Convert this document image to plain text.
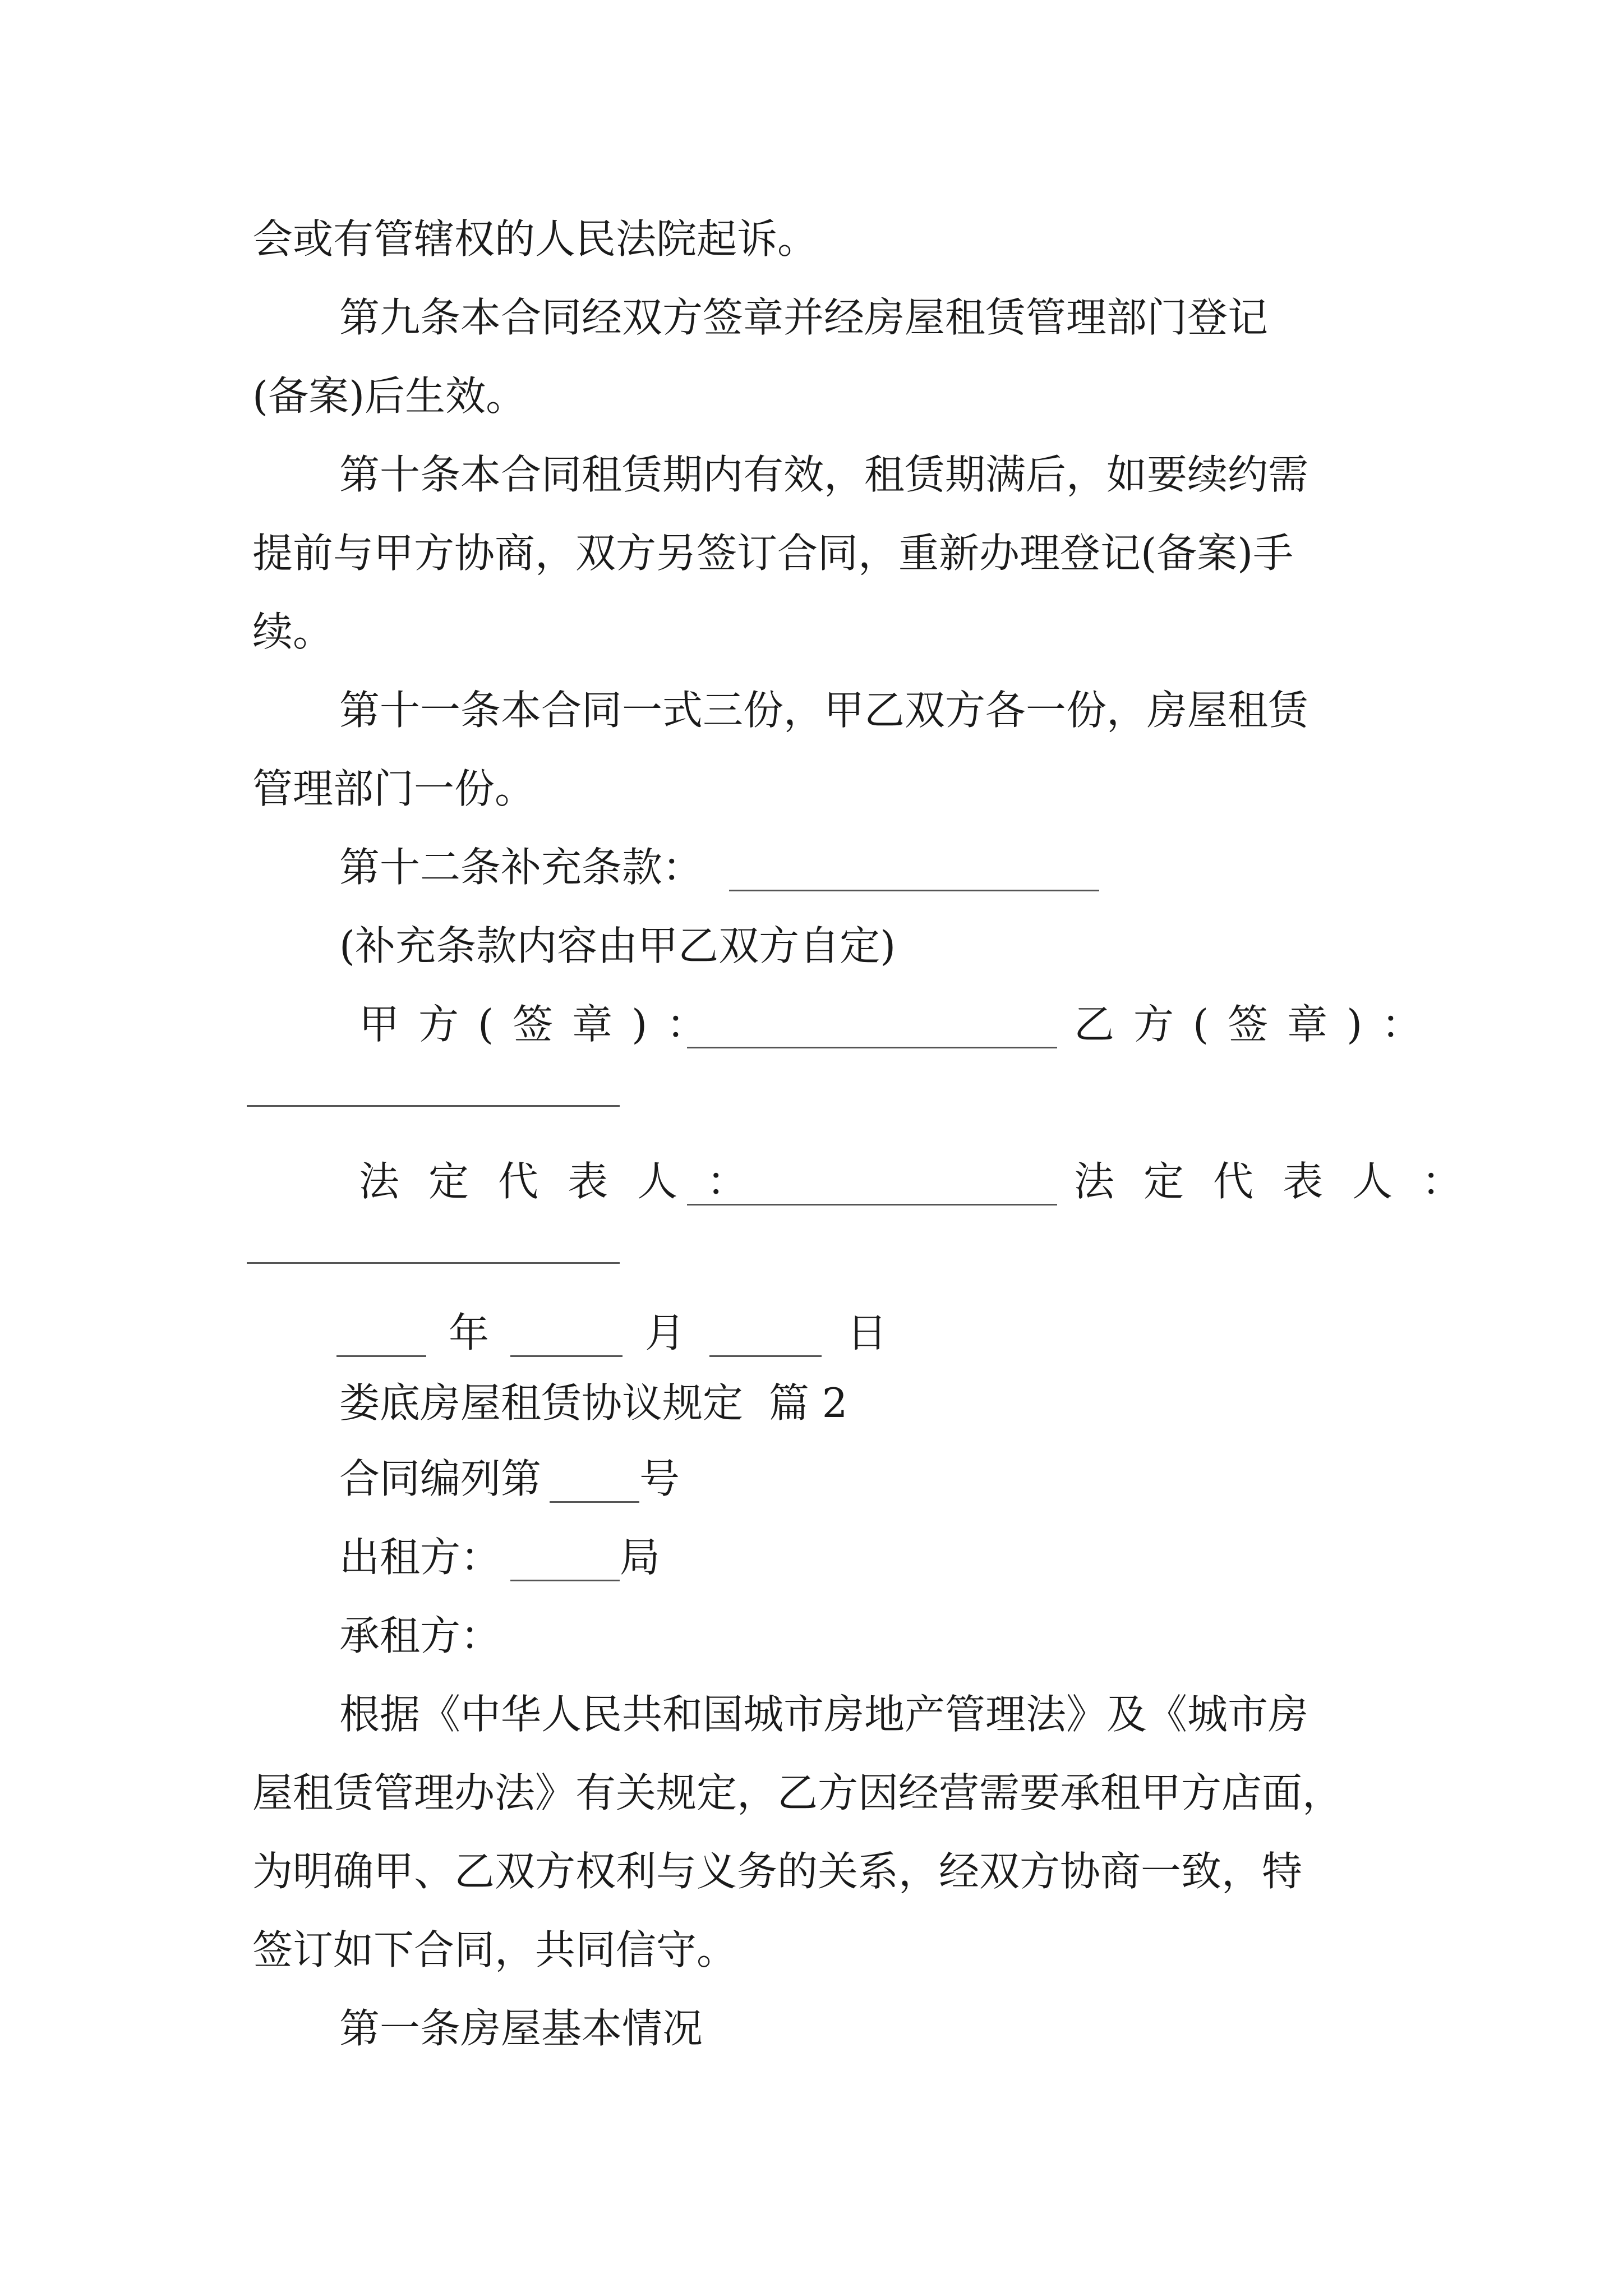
会或有管辖权的人民法院起诉。
第九条本合同经双方签章并经房屋租赁管理部门登记
(备案)后生效。
第十条本合同租赁期内有效，租赁期满后，如要续约需
提前与甲方协商，双方另签订合同，重新办理登记(备案)手
续。
第十一条本合同一式三份，甲乙双方各一份，房屋租赁
管理部门一份。
第十二条补充条款：
(补充条款内容由甲乙双方自定)
甲方(签章)：	乙方(签章)：
法定代表人：	法定代表人：
年	月	日
娄底房屋租赁协议规定  篇 2
合同编列第 号
出租方：	局
承租方：
根据《中华人民共和国城市房地产管理法》及《城市房
屋租赁管理办法》有关规定，乙方因经营需要承租甲方店面，
为明确甲、乙双方权利与义务的关系，经双方协商一致，特
签订如下合同，共同信守。
第一条房屋基本情况
